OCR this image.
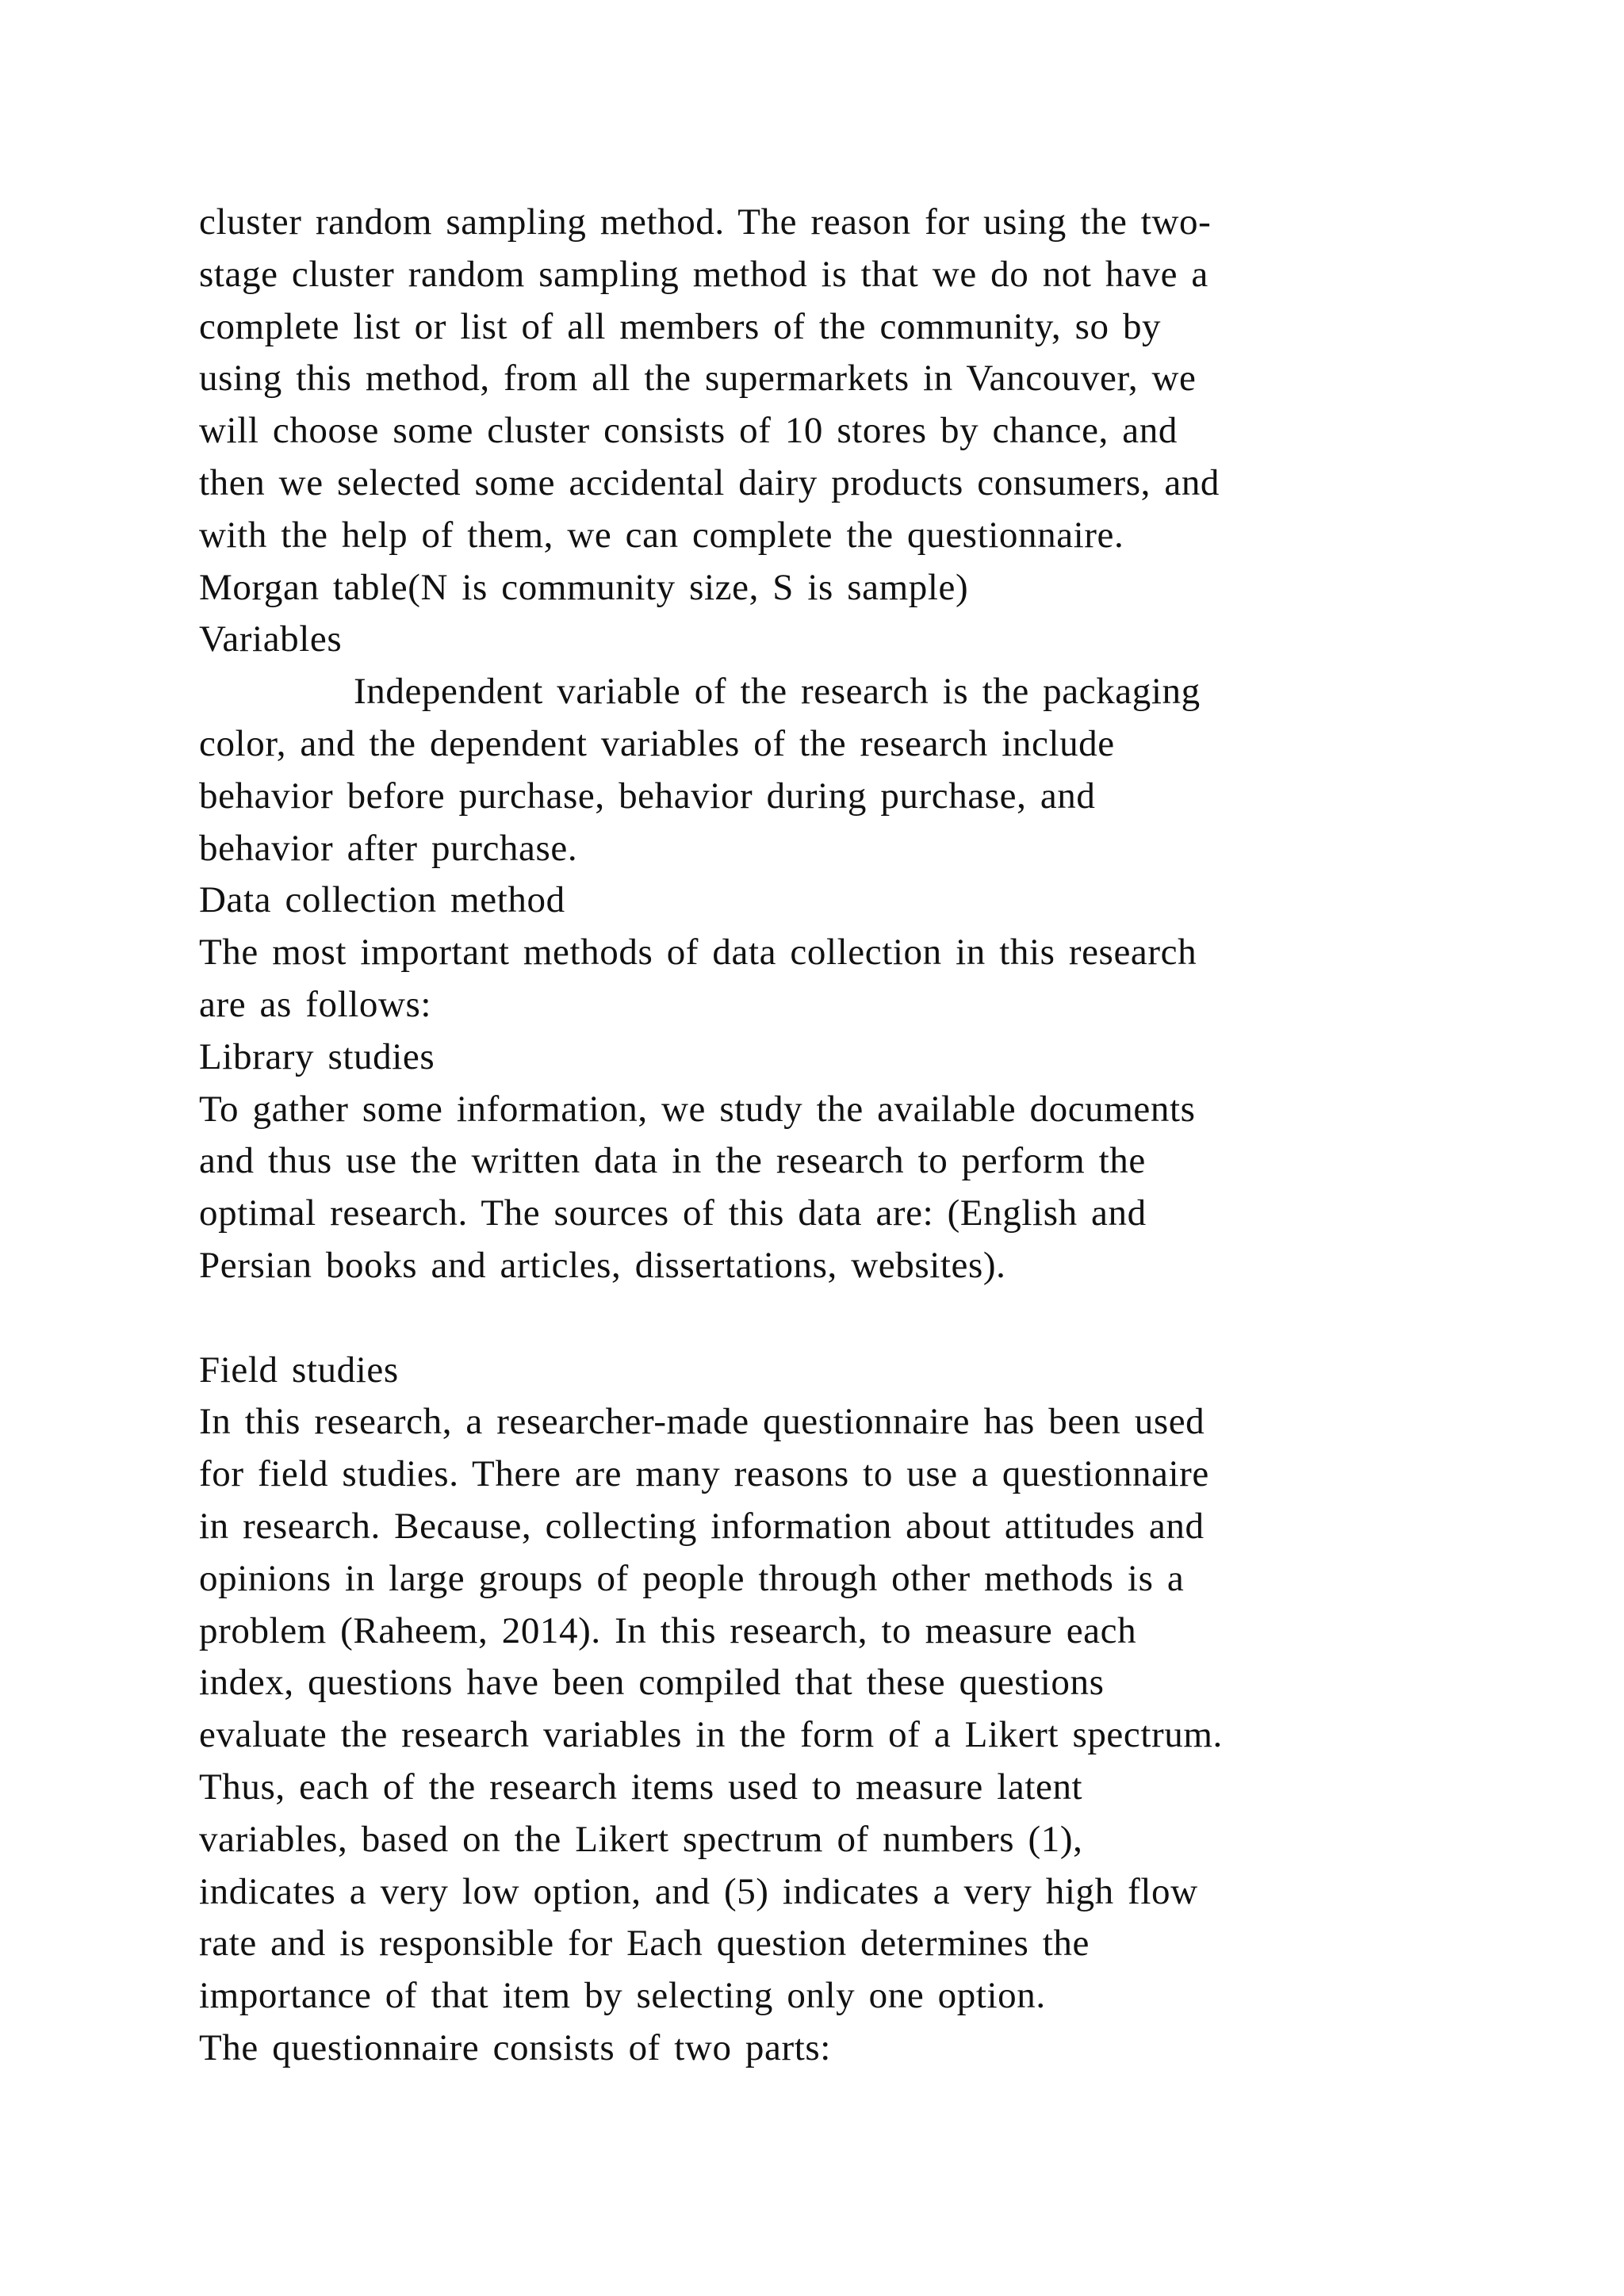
cluster random sampling method. The reason for using the two-
stage cluster random sampling method is that we do not have a
complete list or list of all members of the community, so by
using this method, from all the supermarkets in Vancouver, we
will choose some cluster consists of 10 stores by chance, and
then we selected some accidental dairy products consumers, and
with the help of them, we can complete the questionnaire.
Morgan table(N is community size, S is sample)
Variables
Independent variable of the research is the packaging
color, and the dependent variables of the research include
behavior before purchase, behavior during purchase, and
behavior after purchase.
Data collection method
The most important methods of data collection in this research
are as follows:
Library studies
To gather some information, we study the available documents
and thus use the written data in the research to perform the
optimal research. The sources of this data are: (English and
Persian books and articles, dissertations, websites).
Field studies
In this research, a researcher-made questionnaire has been used
for field studies. There are many reasons to use a questionnaire
in research. Because, collecting information about attitudes and
opinions in large groups of people through other methods is a
problem (Raheem, 2014). In this research, to measure each
index, questions have been compiled that these questions
evaluate the research variables in the form of a Likert spectrum.
Thus, each of the research items used to measure latent
variables, based on the Likert spectrum of numbers (1),
indicates a very low option, and (5) indicates a very high flow
rate and is responsible for Each question determines the
importance of that item by selecting only one option.
The questionnaire consists of two parts:
